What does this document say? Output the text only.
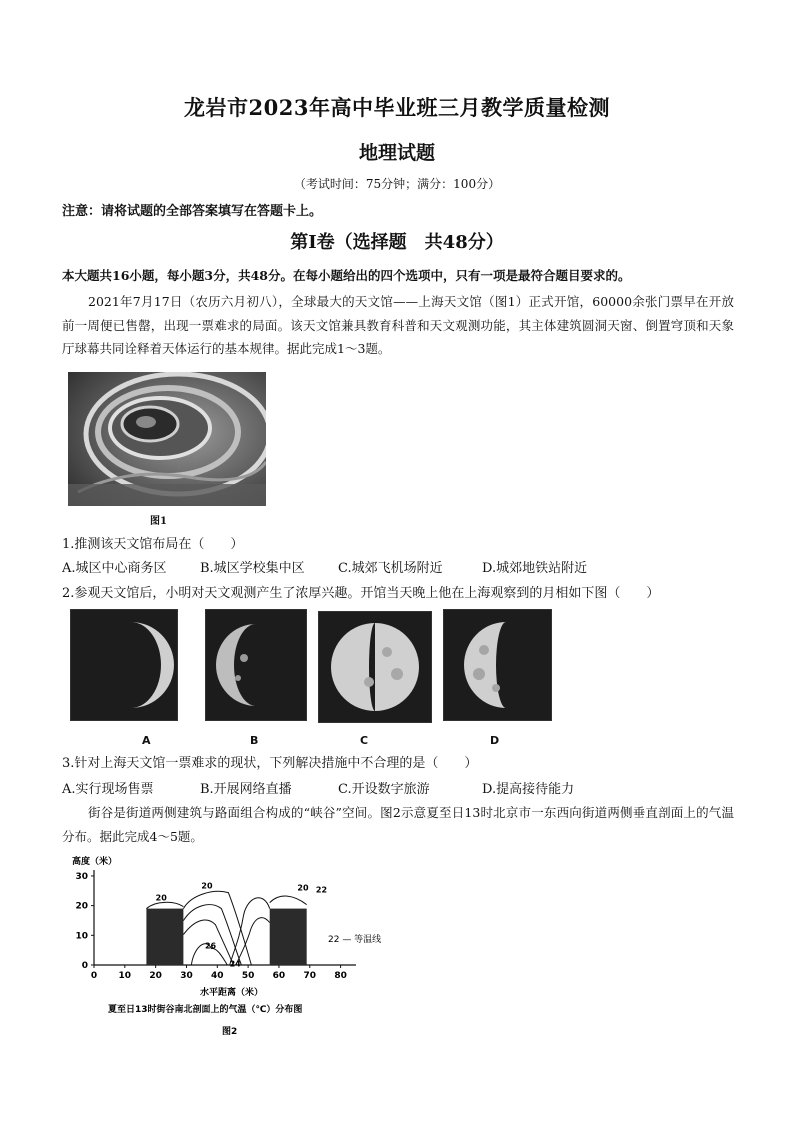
龙岩市2023年高中毕业班三月教学质量检测
地理试题
（考试时间：75分钟；满分：100分）
注意：请将试题的全部答案填写在答题卡上。
第Ⅰ卷（选择题　共48分）
本大题共16小题，每小题3分，共48分。在每小题给出的四个选项中，只有一项是最符合题目要求的。
2021年7月17日（农历六月初八），全球最大的天文馆——上海天文馆（图1）正式开馆，60000余张门票早在开放前一周便已售罄，出现一票难求的局面。该天文馆兼具教育科普和天文观测功能，其主体建筑圆洞天窗、倒置穹顶和天象厅球幕共同诠释着天体运行的基本规律。据此完成1～3题。
图1
1.推测该天文馆布局在（　　）
A.城区中心商务区	B.城区学校集中区	C.城郊飞机场附近	D.城郊地铁站附近
2.参观天文馆后，小明对天文观测产生了浓厚兴趣。开馆当天晚上他在上海观察到的月相如下图（　　）
A	B	C	D
3.针对上海天文馆一票难求的现状，下列解决措施中不合理的是（　　）
A.实行现场售票	B.开展网络直播	C.开设数字旅游	D.提高接待能力
街谷是街道两侧建筑与路面组合构成的“峡谷”空间。图2示意夏至日13时北京市一东西向街道两侧垂直剖面上的气温分布。据此完成4～5题。
高度（米）
0 10 20 30 40 50 60 70 80
0
10
20
30
20
20
20 22
26
24
水平距离（米）
夏至日13时街谷南北剖面上的气温（℃）分布图
图2
22 — 等温线
